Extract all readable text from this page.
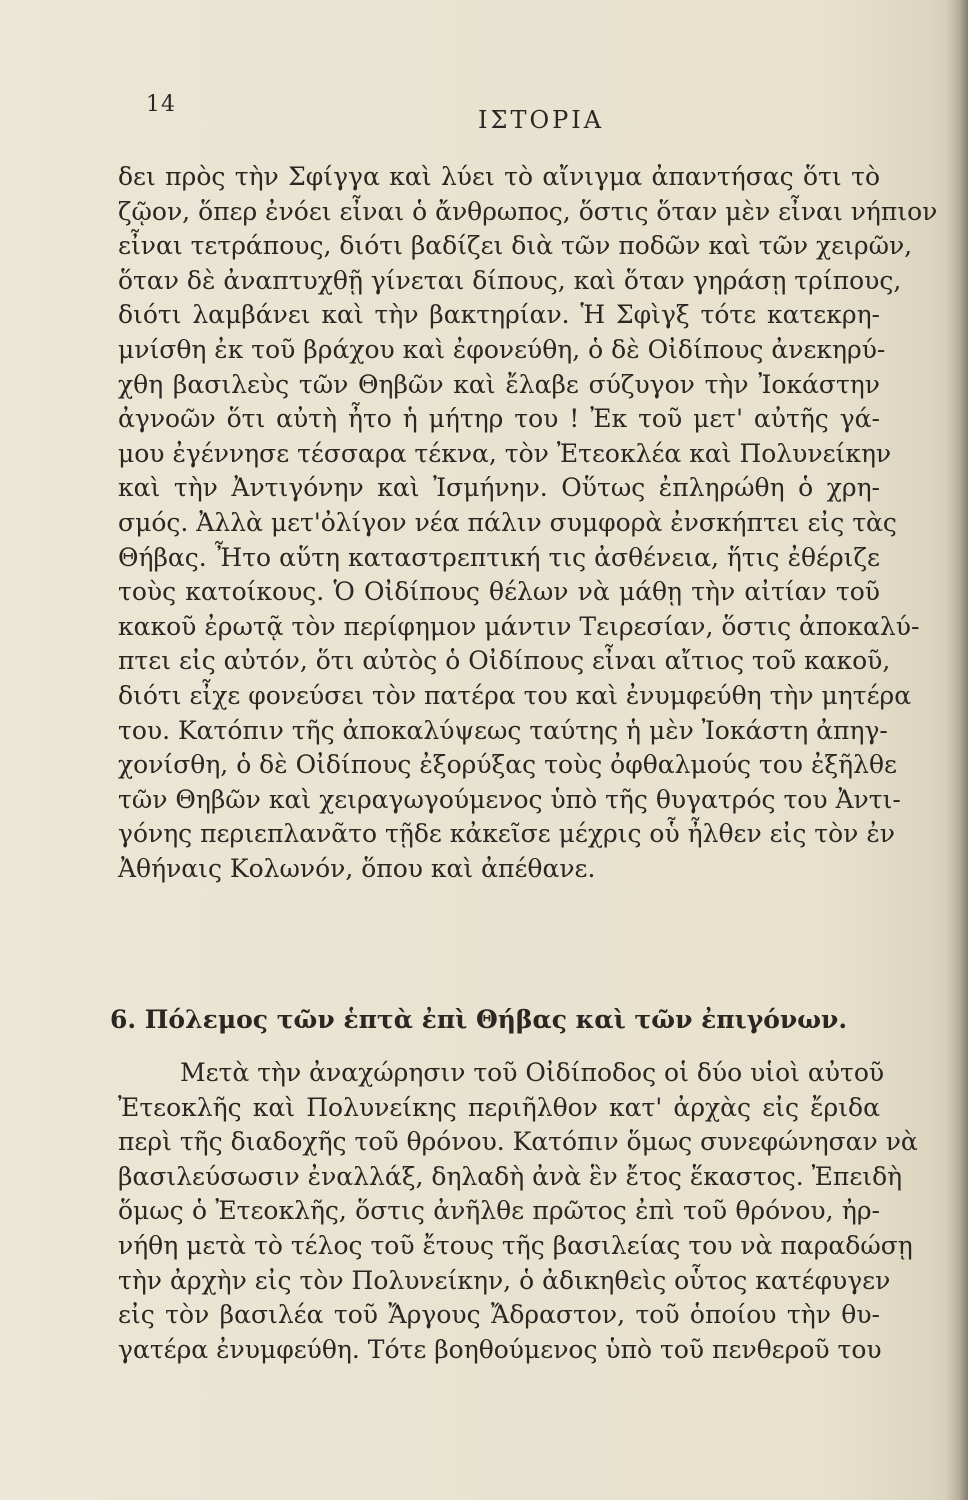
14
ΙΣΤΟΡΙΑ
δει πρὸς τὴν Σφίγγα καὶ λύει τὸ αἴνιγμα ἀπαντήσας ὅτι τὸ
ζῷον, ὅπερ ἐνόει εἶναι ὁ ἄνθρωπος, ὅστις ὅταν μὲν εἶναι νήπιον
εἶναι τετράπους, διότι βαδίζει διὰ τῶν ποδῶν καὶ τῶν χειρῶν,
ὅταν δὲ ἀναπτυχθῇ γίνεται δίπους, καὶ ὅταν γηράσῃ τρίπους,
διότι λαμβάνει καὶ τὴν βακτηρίαν. Ἡ Σφὶγξ τότε κατεκρη-
μνίσθη ἐκ τοῦ βράχου καὶ ἐφονεύθη, ὁ δὲ Οἰδίπους ἀνεκηρύ-
χθη βασιλεὺς τῶν Θηβῶν καὶ ἔλαβε σύζυγον τὴν Ἰοκάστην
ἀγνοῶν ὅτι αὐτὴ ἦτο ἡ μήτηρ του ! Ἐκ τοῦ μετ' αὐτῆς γά-
μου ἐγέννησε τέσσαρα τέκνα, τὸν Ἐτεοκλέα καὶ Πολυνείκην
καὶ τὴν Ἀντιγόνην καὶ Ἰσμήνην. Οὕτως ἐπληρώθη ὁ χρη-
σμός. Ἀλλὰ μετ'ὀλίγον νέα πάλιν συμφορὰ ἐνσκήπτει εἰς τὰς
Θήβας. Ἦτο αὕτη καταστρεπτική τις ἀσθένεια, ἥτις ἐθέριζε
τοὺς κατοίκους. Ὁ Οἰδίπους θέλων νὰ μάθῃ τὴν αἰτίαν τοῦ
κακοῦ ἐρωτᾷ τὸν περίφημον μάντιν Τειρεσίαν, ὅστις ἀποκαλύ-
πτει εἰς αὐτόν, ὅτι αὐτὸς ὁ Οἰδίπους εἶναι αἴτιος τοῦ κακοῦ,
διότι εἶχε φονεύσει τὸν πατέρα του καὶ ἐνυμφεύθη τὴν μητέρα
του. Κατόπιν τῆς ἀποκαλύψεως ταύτης ἡ μὲν Ἰοκάστη ἀπηγ-
χονίσθη, ὁ δὲ Οἰδίπους ἐξορύξας τοὺς ὀφθαλμούς του ἐξῆλθε
τῶν Θηβῶν καὶ χειραγωγούμενος ὑπὸ τῆς θυγατρός του Ἀντι-
γόνης περιεπλανᾶτο τῇδε κἀκεῖσε μέχρις οὗ ἦλθεν εἰς τὸν ἐν
Ἀθήναις Κολωνόν, ὅπου καὶ ἀπέθανε.
6. Πόλεμος τῶν ἑπτὰ ἐπὶ Θήβας καὶ τῶν ἐπιγόνων.
Μετὰ τὴν ἀναχώρησιν τοῦ Οἰδίποδος οἱ δύο υἱοὶ αὐτοῦ
Ἐτεοκλῆς καὶ Πολυνείκης περιῆλθον κατ' ἀρχὰς εἰς ἔριδα
περὶ τῆς διαδοχῆς τοῦ θρόνου. Κατόπιν ὅμως συνεφώνησαν νὰ
βασιλεύσωσιν ἐναλλάξ, δηλαδὴ ἀνὰ ἓν ἔτος ἕκαστος. Ἐπειδὴ
ὅμως ὁ Ἐτεοκλῆς, ὅστις ἀνῆλθε πρῶτος ἐπὶ τοῦ θρόνου, ἠρ-
νήθη μετὰ τὸ τέλος τοῦ ἔτους τῆς βασιλείας του νὰ παραδώσῃ
τὴν ἀρχὴν εἰς τὸν Πολυνείκην, ὁ ἀδικηθεὶς οὗτος κατέφυγεν
εἰς τὸν βασιλέα τοῦ Ἄργους Ἄδραστον, τοῦ ὁποίου τὴν θυ-
γατέρα ἐνυμφεύθη. Τότε βοηθούμενος ὑπὸ τοῦ πενθεροῦ του
